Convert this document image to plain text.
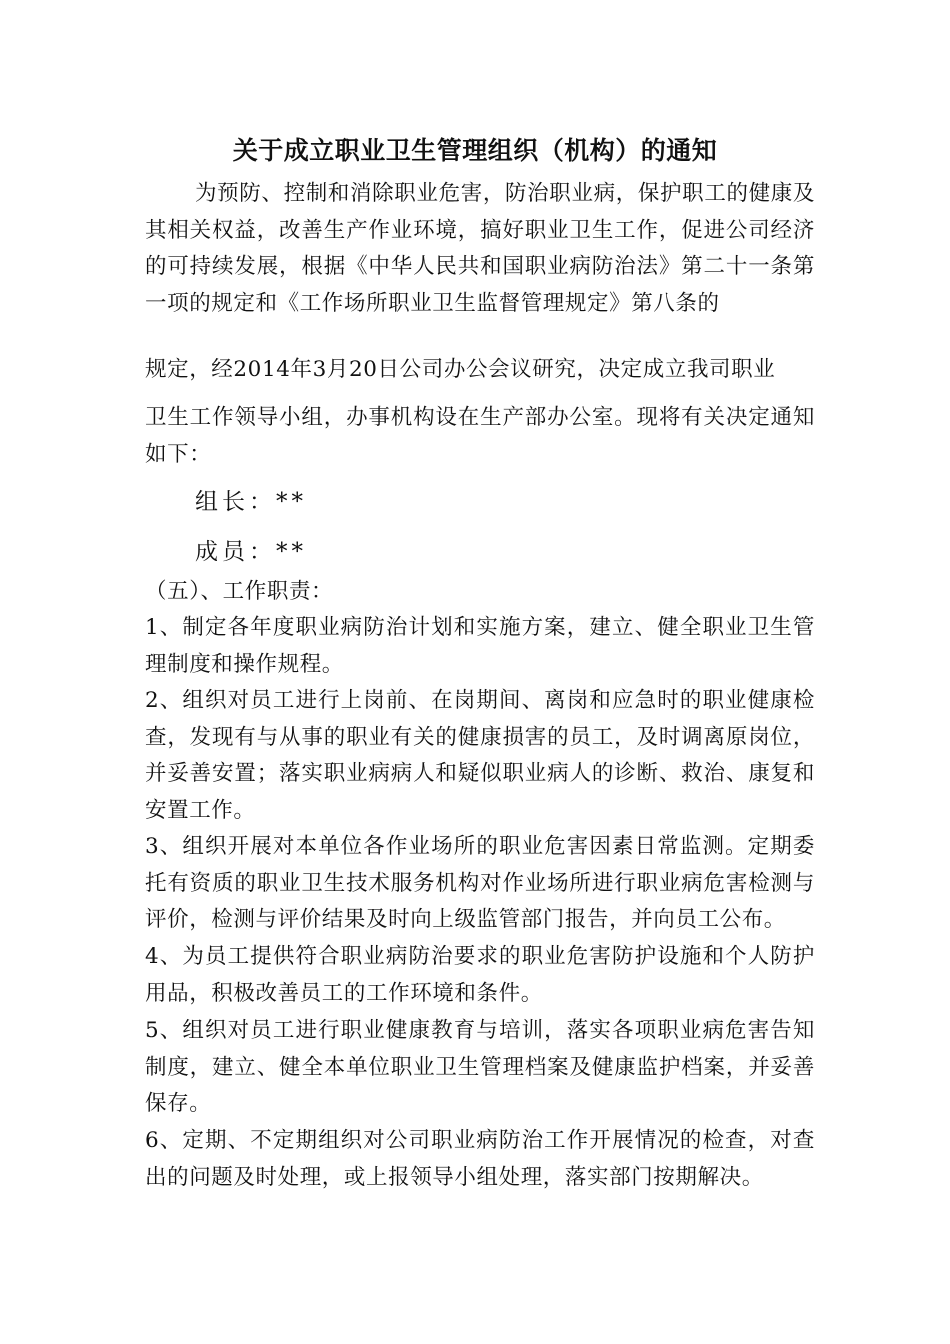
关于成立职业卫生管理组织（机构）的通知
为预防、控制和消除职业危害，防治职业病，保护职工的健康及其相关权益，改善生产作业环境，搞好职业卫生工作，促进公司经济的可持续发展，根据《中华人民共和国职业病防治法》第二十一条第一项的规定和《工作场所职业卫生监督管理规定》第八条的
规定，经2014年3月20日公司办公会议研究，决定成立我司职业
卫生工作领导小组，办事机构设在生产部办公室。现将有关决定通知如下：
组长：**
成员：**
（五）、工作职责：
1、制定各年度职业病防治计划和实施方案，建立、健全职业卫生管理制度和操作规程。
2、组织对员工进行上岗前、在岗期间、离岗和应急时的职业健康检查，发现有与从事的职业有关的健康损害的员工，及时调离原岗位，并妥善安置；落实职业病病人和疑似职业病人的诊断、救治、康复和安置工作。
3、组织开展对本单位各作业场所的职业危害因素日常监测。定期委托有资质的职业卫生技术服务机构对作业场所进行职业病危害检测与评价，检测与评价结果及时向上级监管部门报告，并向员工公布。
4、为员工提供符合职业病防治要求的职业危害防护设施和个人防护用品，积极改善员工的工作环境和条件。
5、组织对员工进行职业健康教育与培训，落实各项职业病危害告知制度，建立、健全本单位职业卫生管理档案及健康监护档案，并妥善保存。
6、定期、不定期组织对公司职业病防治工作开展情况的检查，对查出的问题及时处理，或上报领导小组处理，落实部门按期解决。
